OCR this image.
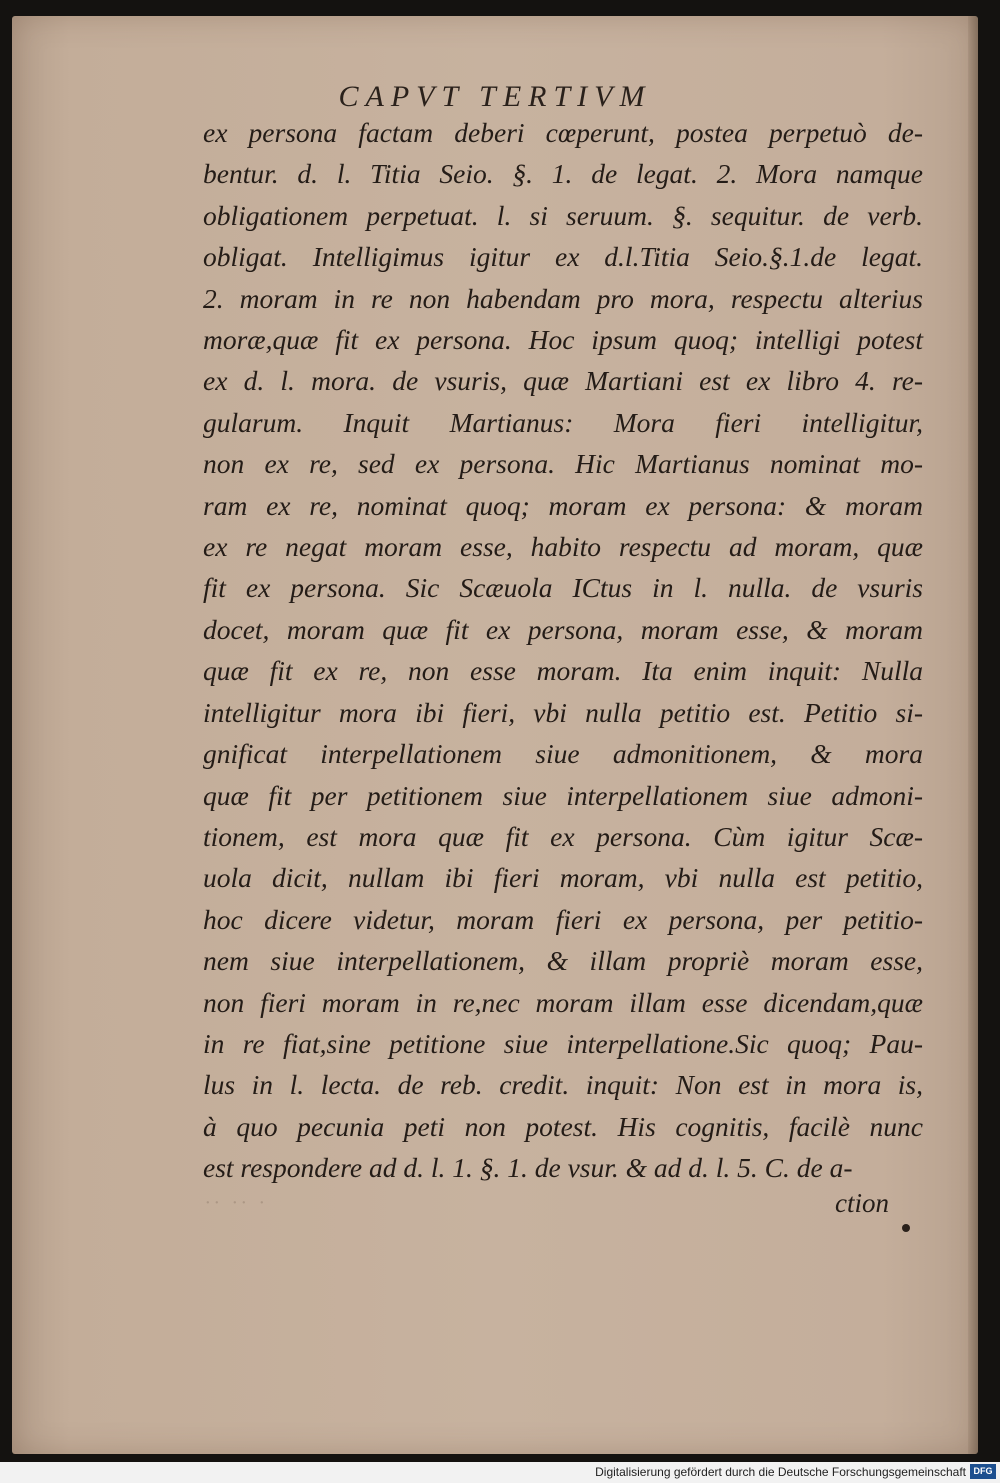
CAPVT TERTIVM
ex persona factam deberi cœperunt, postea perpetuò de-
bentur. d. l. Titia Seio. §. 1. de legat. 2. Mora namque
obligationem perpetuat. l. si seruum. §. sequitur. de verb.
obligat. Intelligimus igitur ex d.l.Titia Seio.§.1.de legat.
2. moram in re non habendam pro mora, respectu alterius
moræ,quæ fit ex persona. Hoc ipsum quoq; intelligi potest
ex d. l. mora. de vsuris, quæ Martiani est ex libro 4. re-
gularum. Inquit Martianus: Mora fieri intelligitur,
non ex re, sed ex persona. Hic Martianus nominat mo-
ram ex re, nominat quoq; moram ex persona: & moram
ex re negat moram esse, habito respectu ad moram, quæ
fit ex persona. Sic Scæuola ICtus in l. nulla. de vsuris
docet, moram quæ fit ex persona, moram esse, & moram
quæ fit ex re, non esse moram. Ita enim inquit: Nulla
intelligitur mora ibi fieri, vbi nulla petitio est. Petitio si-
gnificat interpellationem siue admonitionem, & mora
quæ fit per petitionem siue interpellationem siue admoni-
tionem, est mora quæ fit ex persona. Cùm igitur Scæ-
uola dicit, nullam ibi fieri moram, vbi nulla est petitio,
hoc dicere videtur, moram fieri ex persona, per petitio-
nem siue interpellationem, & illam propriè moram esse,
non fieri moram in re,nec moram illam esse dicendam,quæ
in re fiat,sine petitione siue interpellatione.Sic quoq; Pau-
lus in l. lecta. de reb. credit. inquit: Non est in mora is,
à quo pecunia peti non potest. His cognitis, facilè nunc
est respondere ad d. l. 1. §. 1. de vsur. & ad d. l. 5. C. de a-
·· ·· ·	ction
Digitalisierung gefördert durch die Deutsche Forschungsgemeinschaft DFG
